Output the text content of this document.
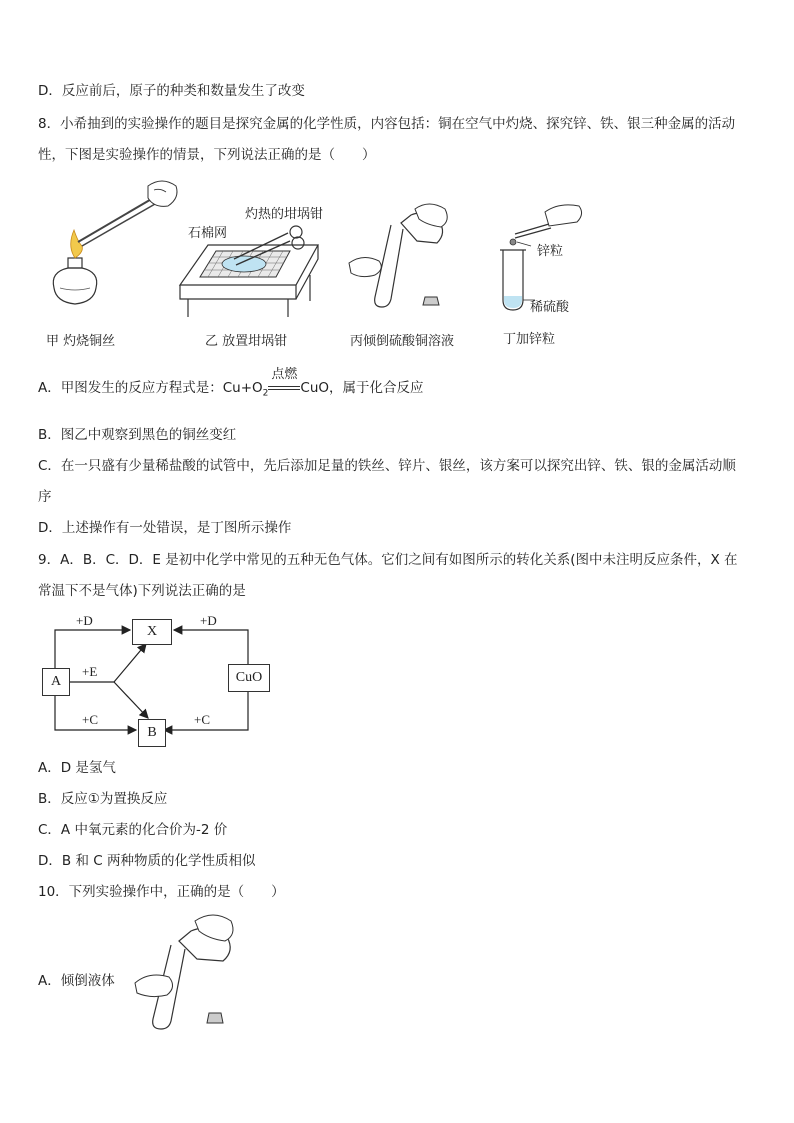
D．反应前后，原子的种类和数量发生了改变
8．小希抽到的实验操作的题目是探究金属的化学性质，内容包括：铜在空气中灼烧、探究锌、铁、银三种金属的活动
性，下图是实验操作的情景，下列说法正确的是（　　）
甲 灼烧铜丝
灼热的坩埚钳
石棉网
乙 放置坩埚钳	丙倾倒硫酸铜溶液
锌粒
稀硫酸
丁加锌粒
A．甲图发生的反应方程式是：$Cu+O_2$
点燃
CuO，属于化合反应
B．图乙中观察到黑色的铜丝变红
C．在一只盛有少量稀盐酸的试管中，先后添加足量的铁丝、锌片、银丝，该方案可以探究出锌、铁、银的金属活动顺
序
D．上述操作有一处错误，是丁图所示操作
9．A．B．C．D．E 是初中化学中常见的五种无色气体。它们之间有如图所示的转化关系(图中未注明反应条件，X 在
常温下不是气体)下列说法正确的是
A
X
B
CuO
+D	+D
+E
+C	+C
A．D 是氢气
B．反应①为置换反应
C．A 中氧元素的化合价为-2 价
D．B 和 C 两种物质的化学性质相似
10．下列实验操作中，正确的是（　　）
A．倾倒液体
